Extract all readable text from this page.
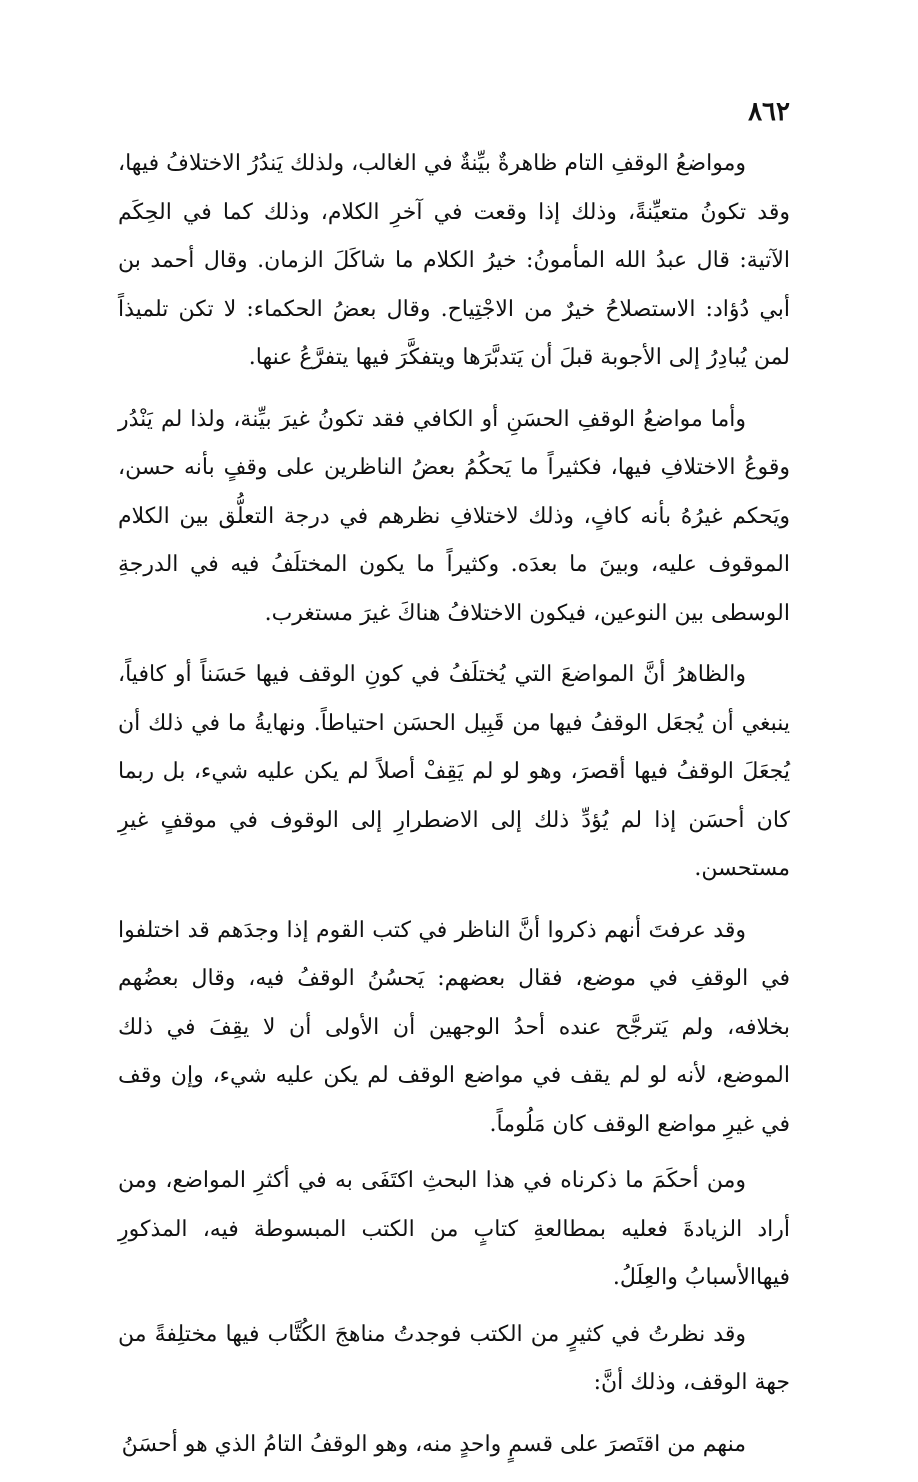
٨٦٢

ومواضعُ الوقفِ التام ظاهرةٌ بيِّنةٌ في الغالب، ولذلك يَندُرُ الاختلافُ فيها، وقد تكونُ متعيِّنةً، وذلك إذا وقعت في آخرِ الكلام، وذلك كما في الحِكَم الآتية: قال عبدُ الله المأمونُ: خيرُ الكلام ما شاكَلَ الزمان. وقال أحمد بن أبي دُؤاد: الاستصلاحُ خيرٌ من الاجْتِياح. وقال بعضُ الحكماء: لا تكن تلميذاً لمن يُبادِرُ إلى الأجوبة قبلَ أن يَتدبَّرَها ويتفكَّرَ فيها يتفرَّعُ عنها.

وأما مواضعُ الوقفِ الحسَنِ أو الكافي فقد تكونُ غيرَ بيِّنة، ولذا لم يَنْدُر وقوعُ الاختلافِ فيها، فكثيراً ما يَحكُمُ بعضُ الناظرين على وقفٍ بأنه حسن، ويَحكم غيرُهُ بأنه كافٍ، وذلك لاختلافِ نظرهم في درجة التعلُّق بين الكلام الموقوف عليه، وبينَ ما بعدَه. وكثيراً ما يكون المختلَفُ فيه في الدرجةِ الوسطى بين النوعين، فيكون الاختلافُ هناكَ غيرَ مستغرب.

والظاهرُ أنَّ المواضعَ التي يُختلَفُ في كونِ الوقف فيها حَسَناً أو كافياً، ينبغي أن يُجعَل الوقفُ فيها من قَبِيل الحسَن احتياطاً. ونهايةُ ما في ذلك أن يُجعَلَ الوقفُ فيها أقصرَ، وهو لو لم يَقِفْ أصلاً لم يكن عليه شيء، بل ربما كان أحسَن إذا لم يُؤدِّ ذلك إلى الاضطرارِ إلى الوقوف في موقفٍ غيرِ مستحسن.

وقد عرفتَ أنهم ذكروا أنَّ الناظر في كتب القوم إذا وجدَهم قد اختلفوا في الوقفِ في موضع، فقال بعضهم: يَحسُنُ الوقفُ فيه، وقال بعضُهم بخلافه، ولم يَترجَّح عنده أحدُ الوجهين أن الأولى أن لا يقِفَ في ذلك الموضع، لأنه لو لم يقف في مواضع الوقف لم يكن عليه شيء، وإن وقف في غيرِ مواضع الوقف كان مَلُوماً.

ومن أحكَمَ ما ذكرناه في هذا البحثِ اكتَفَى به في أكثرِ المواضع، ومن أراد الزيادةَ فعليه بمطالعةِ كتابٍ من الكتب المبسوطة فيه، المذكورِ فيهاالأسبابُ والعِلَلُ.

وقد نظرتُ في كثيرٍ من الكتب فوجدتُ مناهجَ الكُتَّاب فيها مختلِفةً من جهة الوقف، وذلك أنَّ:

منهم من اقتَصرَ على قسمٍ واحدٍ منه، وهو الوقفُ التامُ الذي هو أحسَنُ
